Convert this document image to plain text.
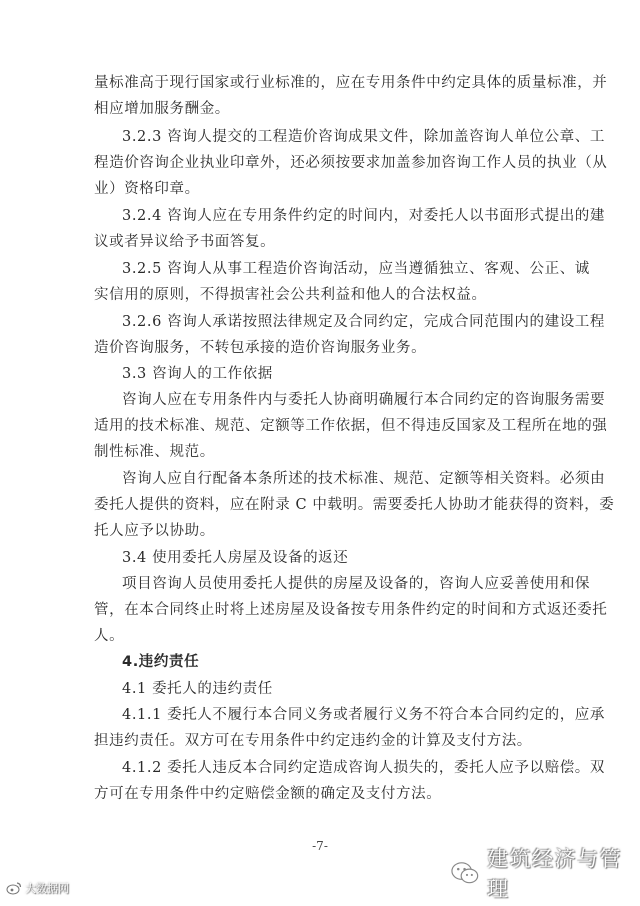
量标准高于现行国家或行业标准的，应在专用条件中约定具体的质量标准，并
相应增加服务酬金。
3.2.3 咨询人提交的工程造价咨询成果文件，除加盖咨询人单位公章、工
程造价咨询企业执业印章外，还必须按要求加盖参加咨询工作人员的执业（从
业）资格印章。
3.2.4 咨询人应在专用条件约定的时间内，对委托人以书面形式提出的建
议或者异议给予书面答复。
3.2.5 咨询人从事工程造价咨询活动，应当遵循独立、客观、公正、诚
实信用的原则，不得损害社会公共利益和他人的合法权益。
3.2.6 咨询人承诺按照法律规定及合同约定，完成合同范围内的建设工程
造价咨询服务，不转包承接的造价咨询服务业务。
3.3 咨询人的工作依据
咨询人应在专用条件内与委托人协商明确履行本合同约定的咨询服务需要
适用的技术标准、规范、定额等工作依据，但不得违反国家及工程所在地的强
制性标准、规范。
咨询人应自行配备本条所述的技术标准、规范、定额等相关资料。必须由
委托人提供的资料，应在附录 C 中载明。需要委托人协助才能获得的资料，委
托人应予以协助。
3.4 使用委托人房屋及设备的返还
项目咨询人员使用委托人提供的房屋及设备的，咨询人应妥善使用和保
管，在本合同终止时将上述房屋及设备按专用条件约定的时间和方式返还委托
人。
4.违约责任
4.1 委托人的违约责任
4.1.1 委托人不履行本合同义务或者履行义务不符合本合同约定的，应承
担违约责任。双方可在专用条件中约定违约金的计算及支付方法。
4.1.2 委托人违反本合同约定造成咨询人损失的，委托人应予以赔偿。双
方可在专用条件中约定赔偿金额的确定及支付方法。
-7-
建筑经济与管理
大数据网
